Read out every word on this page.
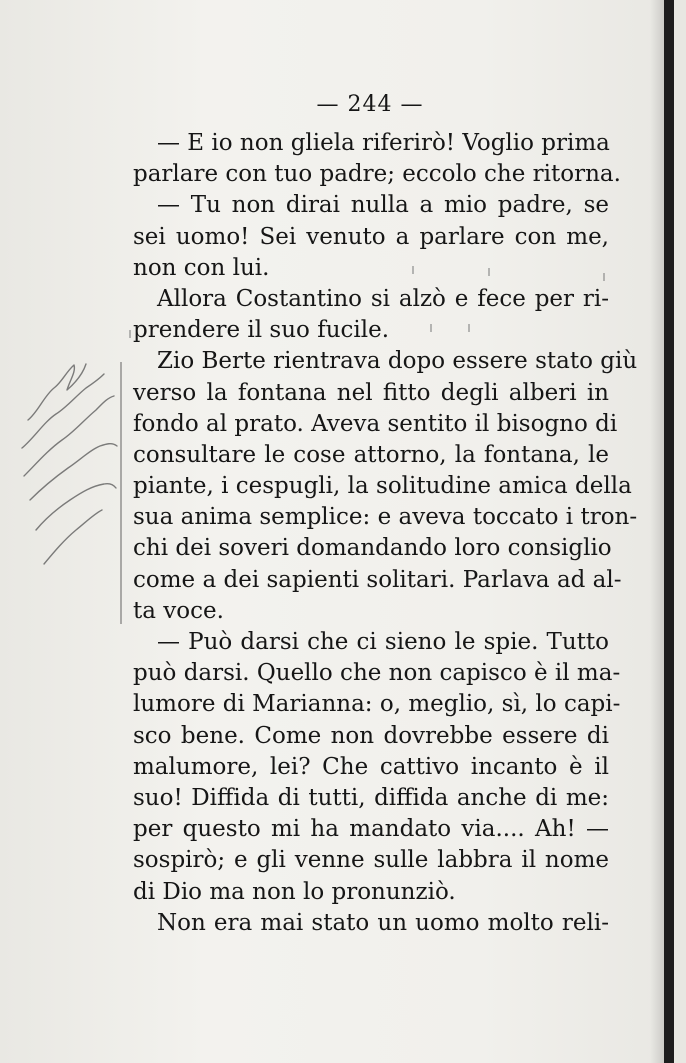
— 244 —
— E io non gliela riferirò! Voglio prima
parlare con tuo padre; eccolo che ritorna.
— Tu non dirai nulla a mio padre, se
sei uomo! Sei venuto a parlare con me,
non con lui.
Allora Costantino si alzò e fece per ri-
prendere il suo fucile.
Zio Berte rientrava dopo essere stato giù
verso la fontana nel fitto degli alberi in
fondo al prato. Aveva sentito il bisogno di
consultare le cose attorno, la fontana, le
piante, i cespugli, la solitudine amica della
sua anima semplice: e aveva toccato i tron-
chi dei soveri domandando loro consiglio
come a dei sapienti solitari. Parlava ad al-
ta voce.
— Può darsi che ci sieno le spie. Tutto
può darsi. Quello che non capisco è il ma-
lumore di Marianna: o, meglio, sì, lo capi-
sco bene. Come non dovrebbe essere di
malumore, lei? Che cattivo incanto è il
suo! Diffida di tutti, diffida anche di me:
per questo mi ha mandato via.... Ah! —
sospirò; e gli venne sulle labbra il nome
di Dio ma non lo pronunziò.
Non era mai stato un uomo molto reli-
